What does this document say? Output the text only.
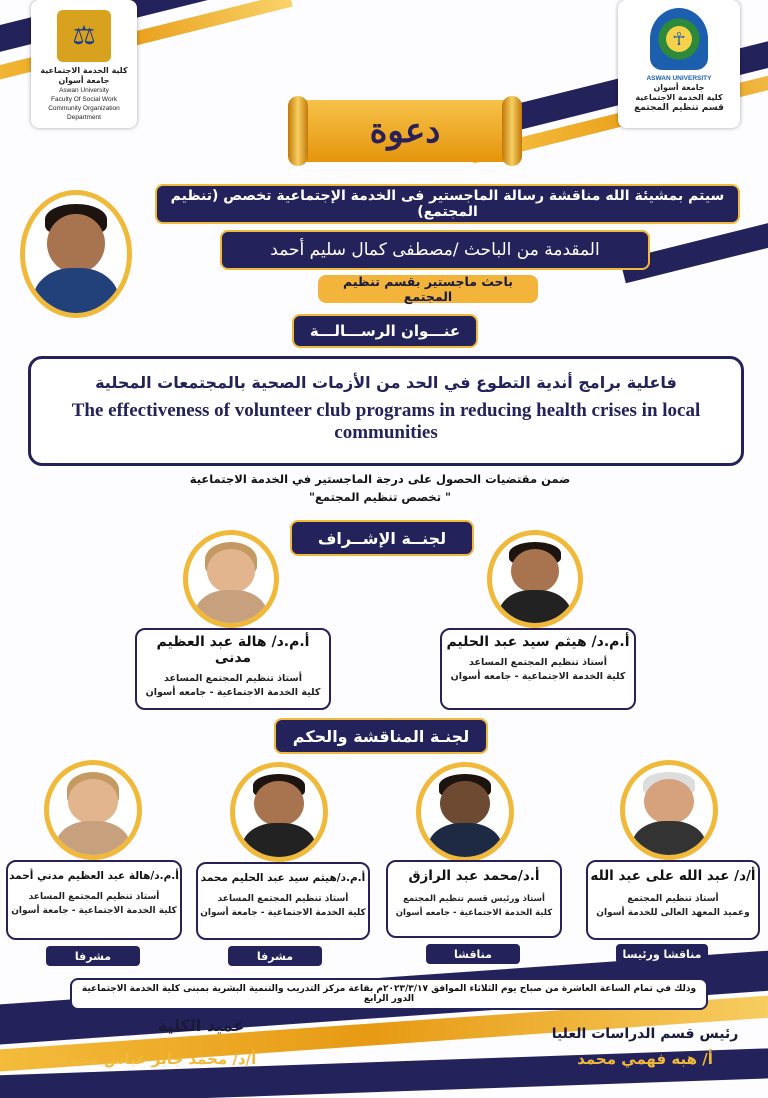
⚖
كلية الخدمة الاجتماعية
جامعة أسوان
Aswan University
Faculty Of Social Work
Community Organization Department
☥
ASWAN UNIVERSITY
جامعة أسوان
كلية الخدمة الاجتماعية
قسم تنظيم المجتمع
دعوة
سيتم بمشيئة الله مناقشة رسالة الماجستير فى الخدمة الإجتماعية تخصص (تنظيم المجتمع)
المقدمة من الباحث /مصطفى كمال سليم أحمد
باحث ماجستير بقسم تنظيم المجتمع
عنـــوان الرســـالـــة
فاعلية برامج أندية التطوع في الحد من الأزمات الصحية بالمجتمعات المحلية
The effectiveness of volunteer club programs in reducing health crises in local communities
ضمن مقتضيات الحصول على درجة الماجستير في الخدمة الاجتماعية
" تخصص تنظيم المجتمع"
لجنــة الإشــراف
أ.م.د/ هيثم سيد عبد الحليم
أستاذ تنظيم المجتمع المساعد
كلية الخدمة الاجتماعية - جامعه أسوان
أ.م.د/ هالة عبد العظيم مدنى
أستاذ تنظيم المجتمع المساعد
كلية الخدمة الاجتماعية - جامعه أسوان
لجنـة المناقشة والحكم
أ/د/ عبد الله على عبد الله
أستاذ تنظيم المجتمع
وعميد المعهد العالى للخدمة أسوان
أ.د/محمد عبد الرازق
أستاذ ورئيس قسم تنظيم المجتمع
كلية الخدمة الاجتماعية - جامعه أسوان
أ.م.د/هيثم سيد عبد الحليم محمد
أستاذ تنظيم المجتمع المساعد
كلية الخدمة الاجتماعية - جامعة أسوان
أ.م.د/هالة عبد العظيم مدني أحمد
أستاذ تنظيم المجتمع المساعد
كلية الخدمة الاجتماعية - جامعة أسوان
مناقشا ورئيسا
مناقشا
مشرفا
مشرفا
وذلك في تمام الساعة العاشرة من صباح يوم الثلاثاء الموافق ٢٠٢٣/٣/١٧م بقاعة مركز التدريب والتنمية البشرية بمبنى كلية الخدمة الاجتماعية الدور الرابع
عميد الكلية
أ/د/ محمد جابر عباس محمد
رئيس قسم الدراسات العليا
أ/ هبه فهمي محمد
